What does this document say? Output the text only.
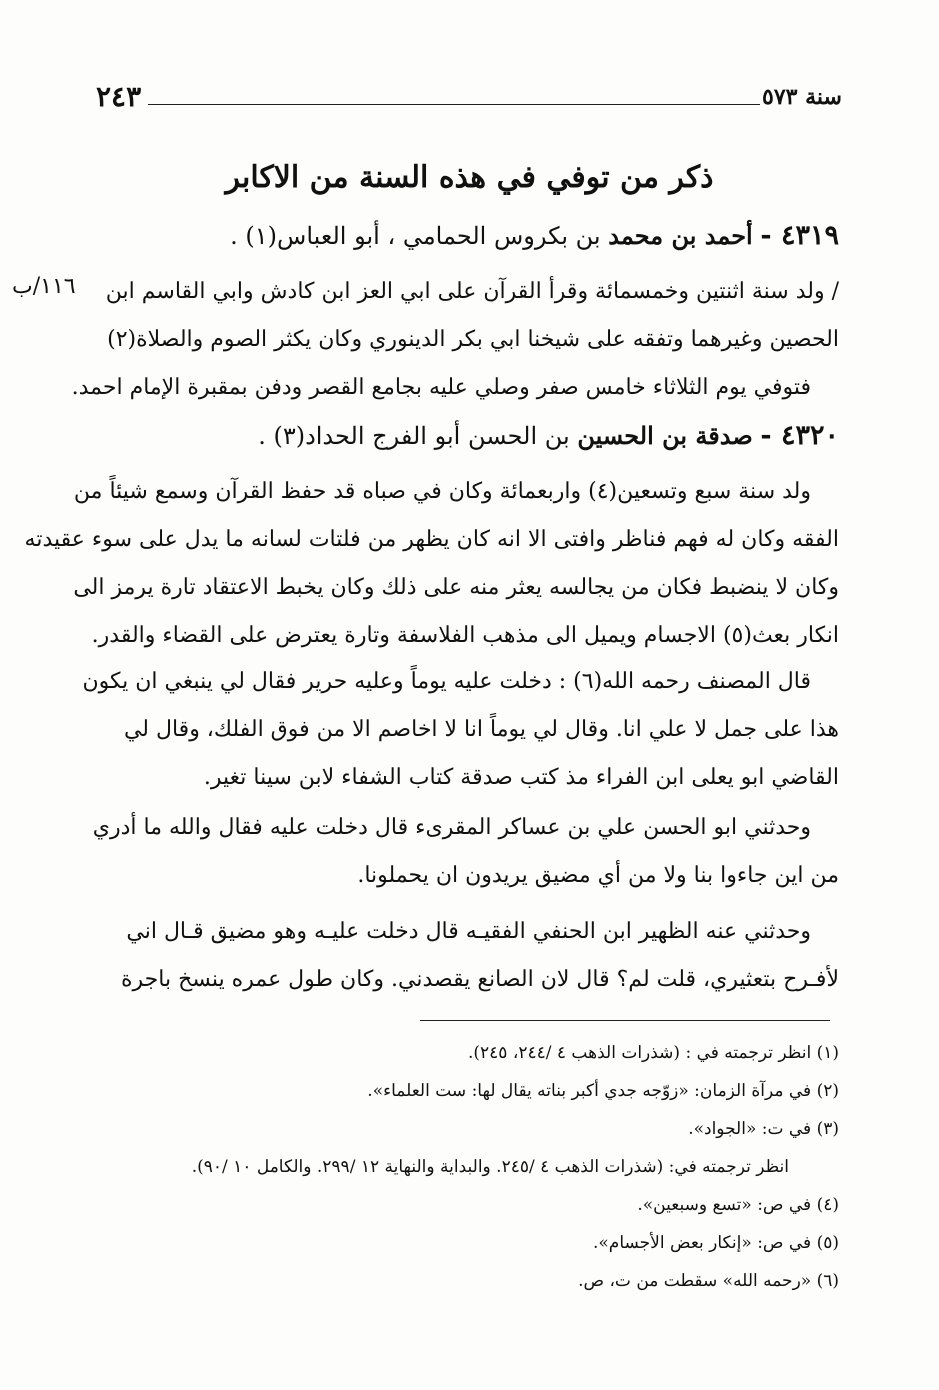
سنة ٥٧٣
٢٤٣
ذكر من توفي في هذه السنة من الاكابر
٤٣١٩ - أحمد بن محمد بن بكروس الحمامي ، أبو العباس(١) .
١١٦/ب	/ ولد سنة اثنتين وخمسمائة وقرأ القرآن على ابي العز ابن كادش وابي القاسم ابن
الحصين وغيرهما وتفقه على شيخنا ابي بكر الدينوري وكان يكثر الصوم والصلاة(٢)
فتوفي يوم الثلاثاء خامس صفر وصلي عليه بجامع القصر ودفن بمقبرة الإمام احمد.
٤٣٢٠ - صدقة بن الحسين بن الحسن أبو الفرج الحداد(٣) .
ولد سنة سبع وتسعين(٤) واربعمائة وكان في صباه قد حفظ القرآن وسمع شيئاً من
الفقه وكان له فهم فناظر وافتى الا انه كان يظهر من فلتات لسانه ما يدل على سوء عقيدته
وكان لا ينضبط فكان من يجالسه يعثر منه على ذلك وكان يخبط الاعتقاد تارة يرمز الى
انكار بعث(٥) الاجسام ويميل الى مذهب الفلاسفة وتارة يعترض على القضاء والقدر.
قال المصنف رحمه الله(٦) : دخلت عليه يوماً وعليه حرير فقال لي ينبغي ان يكون
هذا على جمل لا علي انا. وقال لي يوماً انا لا اخاصم الا من فوق الفلك، وقال لي
القاضي ابو يعلى ابن الفراء مذ كتب صدقة كتاب الشفاء لابن سينا تغير.
وحدثني ابو الحسن علي بن عساكر المقرىء قال دخلت عليه فقال والله ما أدري
من اين جاءوا بنا ولا من أي مضيق يريدون ان يحملونا.
وحدثني عنه الظهير ابن الحنفي الفقيـه قال دخلت عليـه وهو مضيق قـال اني
لأفـرح بتعثيري، قلت لم؟ قال لان الصانع يقصدني. وكان طول عمره ينسخ باجرة
(١) انظر ترجمته في : (شذرات الذهب ٤ /٢٤٤، ٢٤٥).
(٢) في مرآة الزمان: «زوّجه جدي أكبر بناته يقال لها: ست العلماء».
(٣) في ت: «الجواد».
انظر ترجمته في: (شذرات الذهب ٤ /٢٤٥. والبداية والنهاية ١٢ /٢٩٩. والكامل ١٠ /٩٠).
(٤) في ص: «تسع وسبعين».
(٥) في ص: «إنكار بعض الأجسام».
(٦) «رحمه الله» سقطت من ت، ص.
